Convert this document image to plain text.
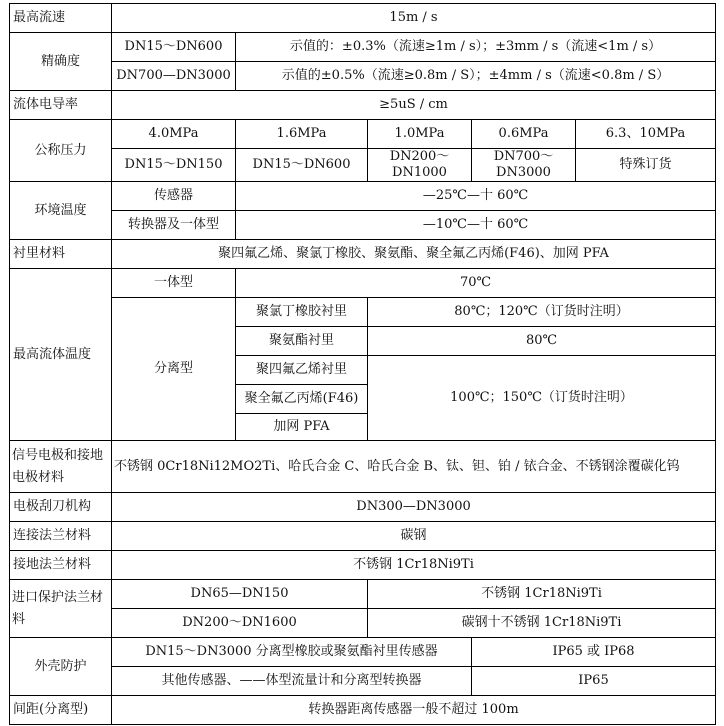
最高流速	15m / s				
精确度	DN15～DN600	示值的：±0.3%（流速≥1m / s）；±3mm / s（流速<1m / s）			
	DN700—DN3000	示值的±0.5%（流速≥0.8m / S）；±4mm / s（流速<0.8m / S）			
流体电导率	≥5uS / cm				
公称压力	4.0MPa	1.6MPa	1.0MPa	0.6MPa	6.3、10MPa
	DN15～DN150	DN15～DN600	DN200～DN1000	DN700～DN3000	特殊订货
环境温度	传感器	—25℃—十 60℃			
	转换器及一体型	—10℃—十 60℃			
衬里材料	聚四氟乙烯、聚氯丁橡胶、聚氨酯、聚全氟乙丙烯(F46)、加网 PFA				
最高流体温度	一体型	70℃			
	分离型	聚氯丁橡胶衬里	80℃；120℃（订货时注明）		
		聚氨酯衬里	80℃		
		聚四氟乙烯衬里	100℃；150℃（订货时注明）		
		聚全氟乙丙烯(F46)			
		加网 PFA			
信号电极和接地电极材料	不锈钢 0Cr18Ni12MO2Ti、哈氏合金 C、哈氏合金 B、钛、钽、铂 / 铱合金、不锈钢涂覆碳化钨				
电极刮刀机构	DN300—DN3000				
连接法兰材料	碳钢				
接地法兰材料	不锈钢 1Cr18Ni9Ti				
进口保护法兰材料	DN65—DN150		不锈钢 1Cr18Ni9Ti		
	DN200～DN1600		碳钢十不锈钢 1Cr18Ni9Ti		
外壳防护	DN15～DN3000 分离型橡胶或聚氨酯衬里传感器			IP65 或 IP68	
	其他传感器、——体型流量计和分离型转换器			IP65	
间距(分离型)	转换器距离传感器一般不超过 100m				
